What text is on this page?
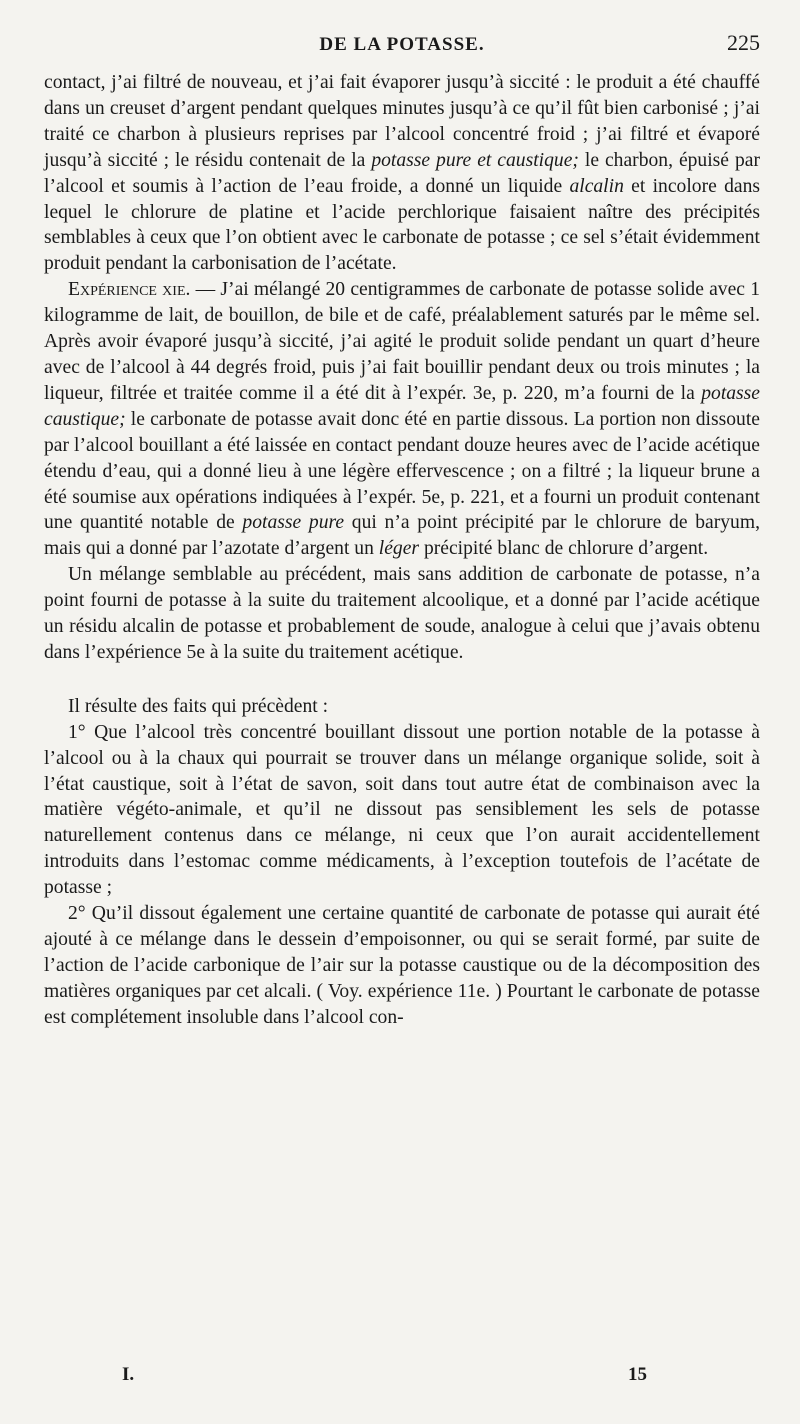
DE LA POTASSE.	225

contact, j’ai filtré de nouveau, et j’ai fait évaporer jusqu’à siccité : le produit a été chauffé dans un creuset d’argent pendant quelques minutes jusqu’à ce qu’il fût bien carbonisé ; j’ai traité ce charbon à plusieurs reprises par l’alcool concentré froid ; j’ai filtré et évaporé jusqu’à siccité ; le résidu contenait de la potasse pure et caustique; le charbon, épuisé par l’alcool et soumis à l’action de l’eau froide, a donné un liquide alcalin et incolore dans lequel le chlorure de platine et l’acide perchlorique faisaient naître des précipités semblables à ceux que l’on obtient avec le carbonate de potasse ; ce sel s’était évidemment produit pendant la carbonisation de l’acétate.

Expérience xie. — J’ai mélangé 20 centigrammes de carbonate de potasse solide avec 1 kilogramme de lait, de bouillon, de bile et de café, préalablement saturés par le même sel. Après avoir évaporé jusqu’à siccité, j’ai agité le produit solide pendant un quart d’heure avec de l’alcool à 44 degrés froid, puis j’ai fait bouillir pendant deux ou trois minutes ; la liqueur, filtrée et traitée comme il a été dit à l’expér. 3e, p. 220, m’a fourni de la potasse caustique; le carbonate de potasse avait donc été en partie dissous. La portion non dissoute par l’alcool bouillant a été laissée en contact pendant douze heures avec de l’acide acétique étendu d’eau, qui a donné lieu à une légère effervescence ; on a filtré ; la liqueur brune a été soumise aux opérations indiquées à l’expér. 5e, p. 221, et a fourni un produit contenant une quantité notable de potasse pure qui n’a point précipité par le chlorure de baryum, mais qui a donné par l’azotate d’argent un léger précipité blanc de chlorure d’argent.

Un mélange semblable au précédent, mais sans addition de carbonate de potasse, n’a point fourni de potasse à la suite du traitement alcoolique, et a donné par l’acide acétique un résidu alcalin de potasse et probablement de soude, analogue à celui que j’avais obtenu dans l’expérience 5e à la suite du traitement acétique.

Il résulte des faits qui précèdent :

1° Que l’alcool très concentré bouillant dissout une portion notable de la potasse à l’alcool ou à la chaux qui pourrait se trouver dans un mélange organique solide, soit à l’état caustique, soit à l’état de savon, soit dans tout autre état de combinaison avec la matière végéto-animale, et qu’il ne dissout pas sensiblement les sels de potasse naturellement contenus dans ce mélange, ni ceux que l’on aurait accidentellement introduits dans l’estomac comme médicaments, à l’exception toutefois de l’acétate de potasse ;

2° Qu’il dissout également une certaine quantité de carbonate de potasse qui aurait été ajouté à ce mélange dans le dessein d’empoisonner, ou qui se serait formé, par suite de l’action de l’acide carbonique de l’air sur la potasse caustique ou de la décomposition des matières organiques par cet alcali. ( Voy. expérience 11e. ) Pourtant le carbonate de potasse est complétement insoluble dans l’alcool con-

I.	15
